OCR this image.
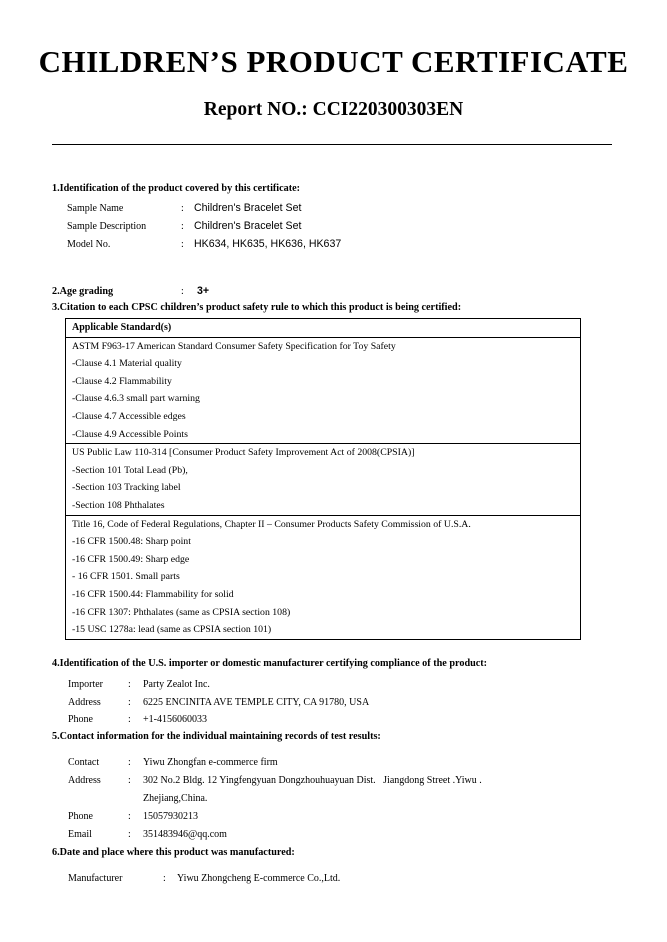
CHILDREN’S PRODUCT CERTIFICATE
Report NO.: CCI220300303EN
1.Identification of the product covered by this certificate:
Sample Name	: Children's Bracelet Set
Sample Description	: Children's Bracelet Set
Model No.	: HK634, HK635, HK636, HK637
2.Age grading	: 3+
3.Citation to each CPSC children’s product safety rule to which this product is being certified:
Applicable Standard(s)
ASTM F963-17 American Standard Consumer Safety Specification for Toy Safety
-Clause 4.1 Material quality
-Clause 4.2 Flammability
-Clause 4.6.3 small part warning
-Clause 4.7 Accessible edges
-Clause 4.9 Accessible Points
US Public Law 110-314 [Consumer Product Safety Improvement Act of 2008(CPSIA)]
-Section 101 Total Lead (Pb),
-Section 103 Tracking label
-Section 108 Phthalates
Title 16, Code of Federal Regulations, Chapter II – Consumer Products Safety Commission of U.S.A.
-16 CFR 1500.48: Sharp point
-16 CFR 1500.49: Sharp edge
- 16 CFR 1501. Small parts
-16 CFR 1500.44: Flammability for solid
-16 CFR 1307: Phthalates (same as CPSIA section 108)
-15 USC 1278a: lead (same as CPSIA section 101)
4.Identification of the U.S. importer or domestic manufacturer certifying compliance of the product:
Importer	: Party Zealot Inc.
Address	: 6225 ENCINITA AVE TEMPLE CITY, CA 91780, USA
Phone	: +1-4156060033
5.Contact information for the individual maintaining records of test results:
Contact	: Yiwu Zhongfan e-commerce firm
Address	: 302 No.2 Bldg. 12 Yingfengyuan Dongzhouhuayuan Dist.   Jiangdong Street .Yiwu .
Zhejiang,China.
Phone	: 15057930213
Email	: 351483946@qq.com
6.Date and place where this product was manufactured:
Manufacturer	: Yiwu Zhongcheng E-commerce Co.,Ltd.
